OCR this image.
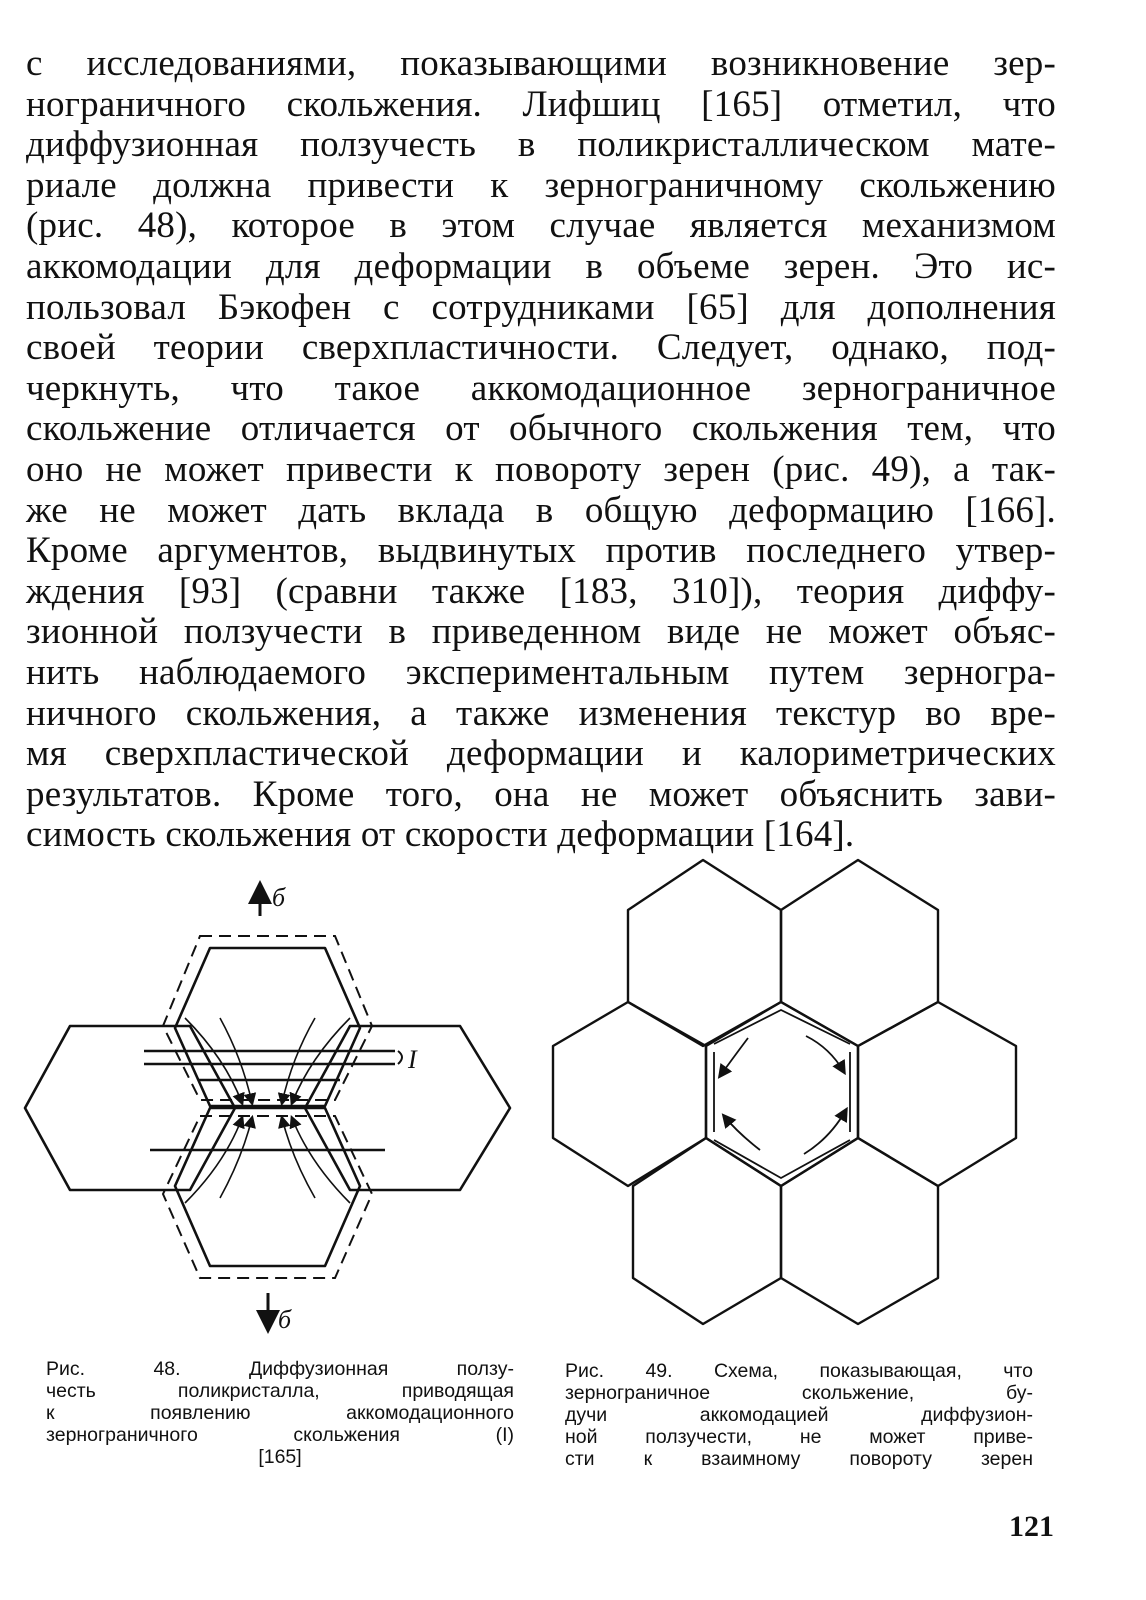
с исследованиями, показывающими возникновение зер-
нограничного скольжения. Лифшиц [165] отметил, что
диффузионная ползучесть в поликристаллическом мате-
риале должна привести к зернограничному скольжению
(рис. 48), которое в этом случае является механизмом
аккомодации для деформации в объеме зерен. Это ис-
пользовал Бэкофен с сотрудниками [65] для дополнения
своей теории сверхпластичности. Следует, однако, под-
черкнуть, что такое аккомодационное зернограничное
скольжение отличается от обычного скольжения тем, что
оно не может привести к повороту зерен (рис. 49), а так-
же не может дать вклада в общую деформацию [166].
Кроме аргументов, выдвинутых против последнего утвер-
ждения [93] (сравни также [183, 310]), теория диффу-
зионной ползучести в приведенном виде не может объяс-
нить наблюдаемого экспериментальным путем зерногра-
ничного скольжения, а также изменения текстур во вре-
мя сверхпластической деформации и калориметрических
результатов. Кроме того, она не может объяснить зави-
симость скольжения от скорости деформации [164].
I
б
б
Рис. 48. Диффузионная ползу-
честь поликристалла, приводящая
к появлению аккомодационного
зернограничного скольжения (I)
[165]
Рис. 49. Схема, показывающая, что
зернограничное скольжение, бу-
дучи аккомодацией диффузион-
ной ползучести, не может приве-
сти к взаимному повороту зерен
121
